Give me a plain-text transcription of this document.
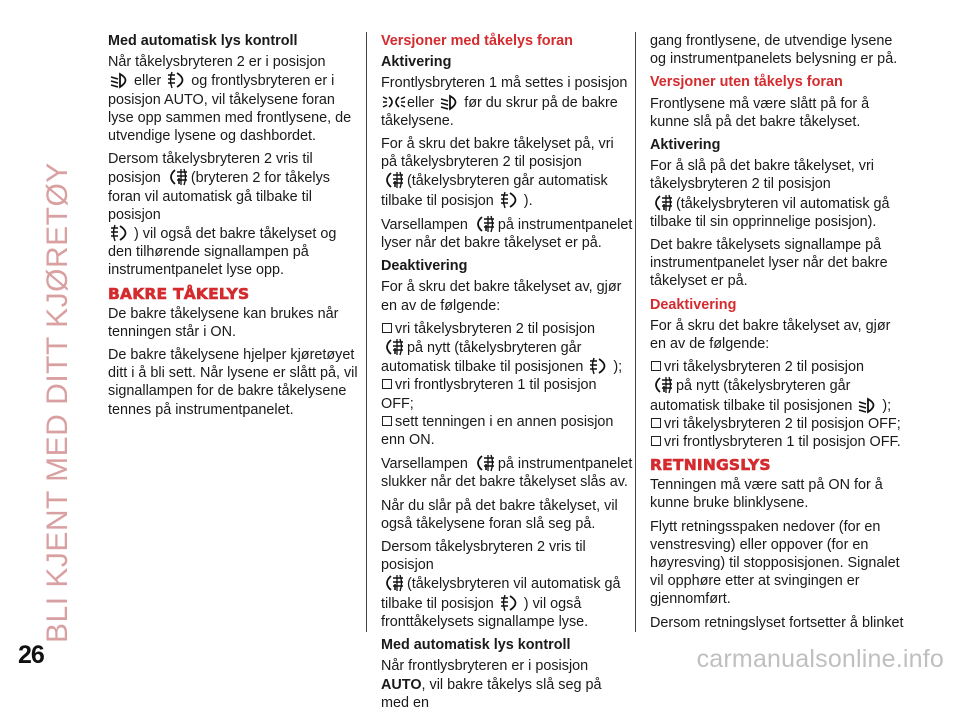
BLI KJENT MED DITT KJØRETØY

Med automatisk lys kontroll

Når tåkelysbryteren 2 er i posisjon
eller og frontlysbryteren er i posisjon AUTO, vil tåkelysene foran lyse opp sammen med frontlysene, de utvendige lysene og dashbordet.

Dersom tåkelysbryteren 2 vris til posisjon (bryteren 2 for tåkelys foran vil automatisk gå tilbake til posisjon
) vil også det bakre tåkelyset og den tilhørende signallampen på instrumentpanelet lyse opp.

BAKRE TÅKELYS

De bakre tåkelysene kan brukes når tenningen står i ON.

De bakre tåkelysene hjelper kjøretøyet ditt i å bli sett. Når lysene er slått på, vil signallampen for de bakre tåkelysene tennes på instrumentpanelet.

Versjoner med tåkelys foran

Aktivering

Frontlysbryteren 1 må settes i posisjon
eller før du skrur på de bakre tåkelysene.

For å skru det bakre tåkelyset på, vri på tåkelysbryteren 2 til posisjon
(tåkelysbryteren går automatisk tilbake til posisjon ).

Varsellampen på instrumentpanelet lyser når det bakre tåkelyset er på.

Deaktivering

For å skru det bakre tåkelyset av, gjør en av de følgende:

vri tåkelysbryteren 2 til posisjon
på nytt (tåkelysbryteren går automatisk tilbake til posisjonen );

vri frontlysbryteren 1 til posisjon OFF;

sett tenningen i en annen posisjon enn ON.

Varsellampen på instrumentpanelet slukker når det bakre tåkelyset slås av.

Når du slår på det bakre tåkelyset, vil også tåkelysene foran slå seg på.

Dersom tåkelysbryteren 2 vris til posisjon
(tåkelysbryteren vil automatisk gå tilbake til posisjon ) vil også fronttåkelysets signallampe lyse.

Med automatisk lys kontroll

Når frontlysbryteren er i posisjon AUTO, vil bakre tåkelys slå seg på med en

gang frontlysene, de utvendige lysene og instrumentpanelets belysning er på.

Versjoner uten tåkelys foran

Frontlysene må være slått på for å kunne slå på det bakre tåkelyset.

Aktivering

For å slå på det bakre tåkelyset, vri tåkelysbryteren 2 til posisjon
(tåkelysbryteren vil automatisk gå tilbake til sin opprinnelige posisjon).

Det bakre tåkelysets signallampe på instrumentpanelet lyser når det bakre tåkelyset er på.

Deaktivering

For å skru det bakre tåkelyset av, gjør en av de følgende:

vri tåkelysbryteren 2 til posisjon
på nytt (tåkelysbryteren går automatisk tilbake til posisjonen );

vri tåkelysbryteren 2 til posisjon OFF;

vri frontlysbryteren 1 til posisjon OFF.

RETNINGSLYS

Tenningen må være satt på ON for å kunne bruke blinklysene.

Flytt retningsspaken nedover (for en venstresving) eller oppover (for en høyresving) til stopposisjonen. Signalet vil opphøre etter at svingingen er gjennomført.

Dersom retningslyset fortsetter å blinket

26	carmanualsonline.info
